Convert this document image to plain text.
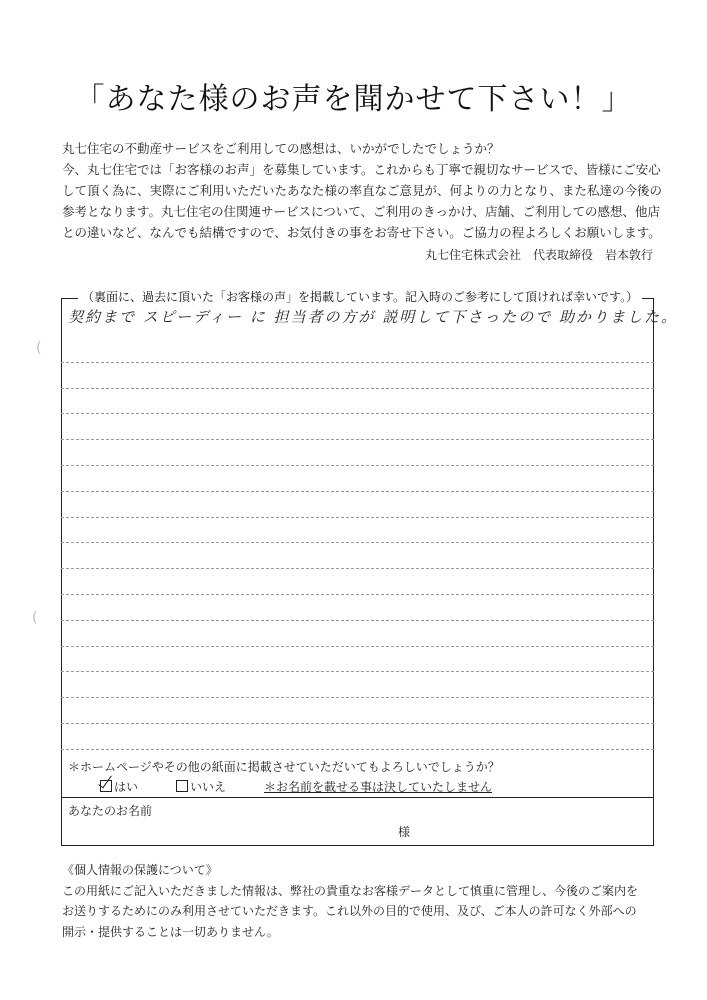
「あなた様のお声を聞かせて下さい！」

丸七住宅の不動産サービスをご利用しての感想は、いかがでしたでしょうか？

今、丸七住宅では「お客様のお声」を募集しています。これからも丁寧で親切なサービスで、皆様にご安心

して頂く為に、実際にご利用いただいたあなた様の率直なご意見が、何よりの力となり、また私達の今後の

参考となります。丸七住宅の住関連サービスについて、ご利用のきっかけ、店舗、ご利用しての感想、他店

との違いなど、なんでも結構ですので、お気付きの事をお寄せ下さい。ご協力の程よろしくお願いします。

丸七住宅株式会社　代表取締役　岩本敦行
（裏面に、過去に頂いた「お客様の声」を掲載しています。記入時のご参考にして頂ければ幸いです。）
契約まで スピーディー に 担当者の方が 説明して下さったので 助かりました。
＊ホームページやその他の紙面に掲載させていただいてもよろしいでしょうか？
はい	いいえ	＊お名前を載せる事は決していたしません
あなたのお名前
様

《個人情報の保護について》

この用紙にご記入いただきました情報は、弊社の貴重なお客様データとして慎重に管理し、今後のご案内を

お送りするためにのみ利用させていただきます。これ以外の目的で使用、及び、ご本人の許可なく外部への

開示・提供することは一切ありません。

(
(
